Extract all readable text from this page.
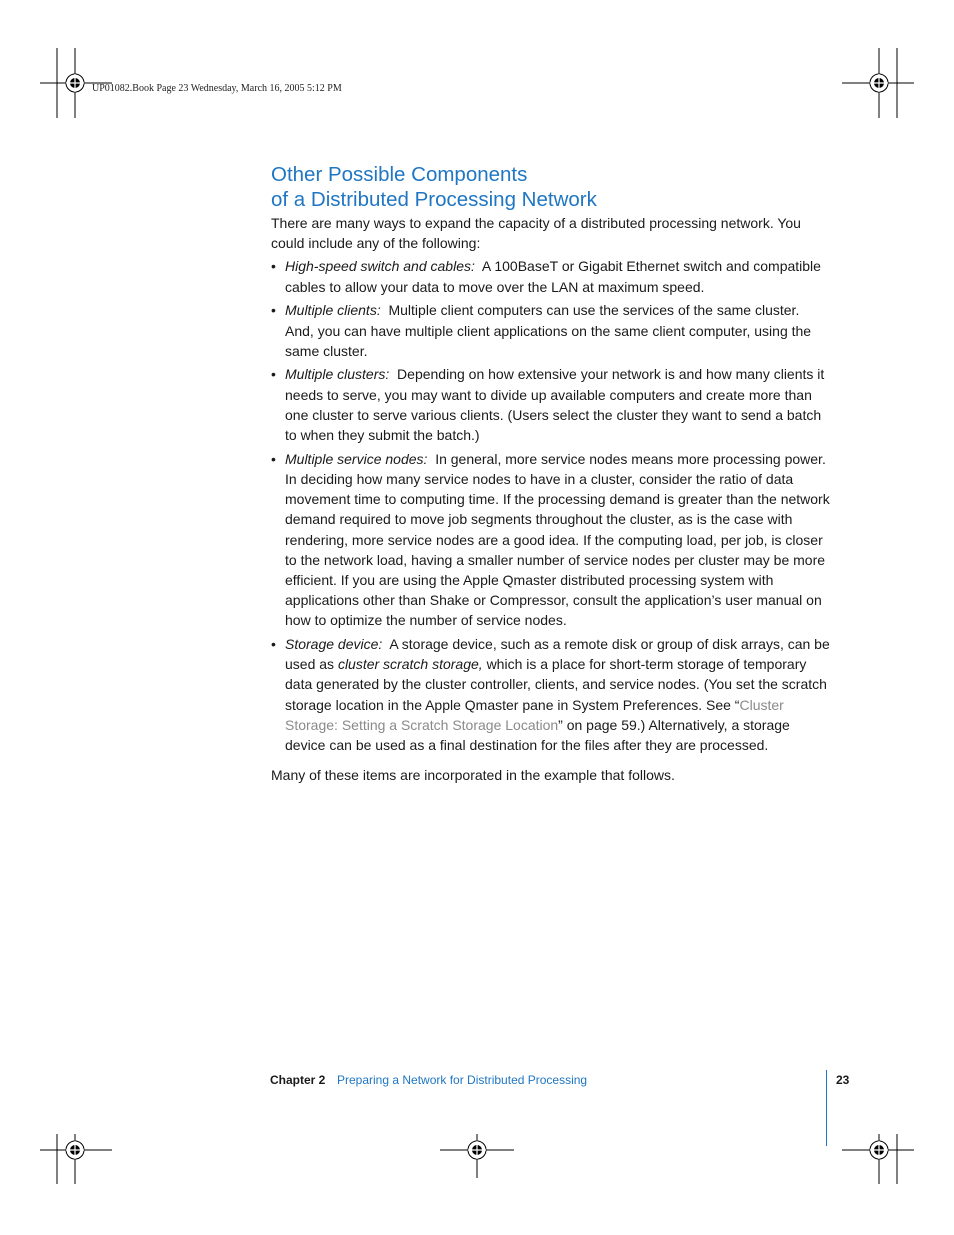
UP01082.Book Page 23 Wednesday, March 16, 2005 5:12 PM
Other Possible Components
of a Distributed Processing Network

There are many ways to expand the capacity of a distributed processing network. You could include any of the following:

• High-speed switch and cables: A 100BaseT or Gigabit Ethernet switch and compatible cables to allow your data to move over the LAN at maximum speed.
• Multiple clients: Multiple client computers can use the services of the same cluster. And, you can have multiple client applications on the same client computer, using the same cluster.
• Multiple clusters: Depending on how extensive your network is and how many clients it needs to serve, you may want to divide up available computers and create more than one cluster to serve various clients. (Users select the cluster they want to send a batch to when they submit the batch.)
• Multiple service nodes: In general, more service nodes means more processing power. In deciding how many service nodes to have in a cluster, consider the ratio of data movement time to computing time. If the processing demand is greater than the network demand required to move job segments throughout the cluster, as is the case with rendering, more service nodes are a good idea. If the computing load, per job, is closer to the network load, having a smaller number of service nodes per cluster may be more efficient. If you are using the Apple Qmaster distributed processing system with applications other than Shake or Compressor, consult the application’s user manual on how to optimize the number of service nodes.
• Storage device: A storage device, such as a remote disk or group of disk arrays, can be used as cluster scratch storage, which is a place for short-term storage of temporary data generated by the cluster controller, clients, and service nodes. (You set the scratch storage location in the Apple Qmaster pane in System Preferences. See “Cluster Storage: Setting a Scratch Storage Location” on page 59.) Alternatively, a storage device can be used as a final destination for the files after they are processed.

Many of these items are incorporated in the example that follows.

Chapter 2 Preparing a Network for Distributed Processing	23
